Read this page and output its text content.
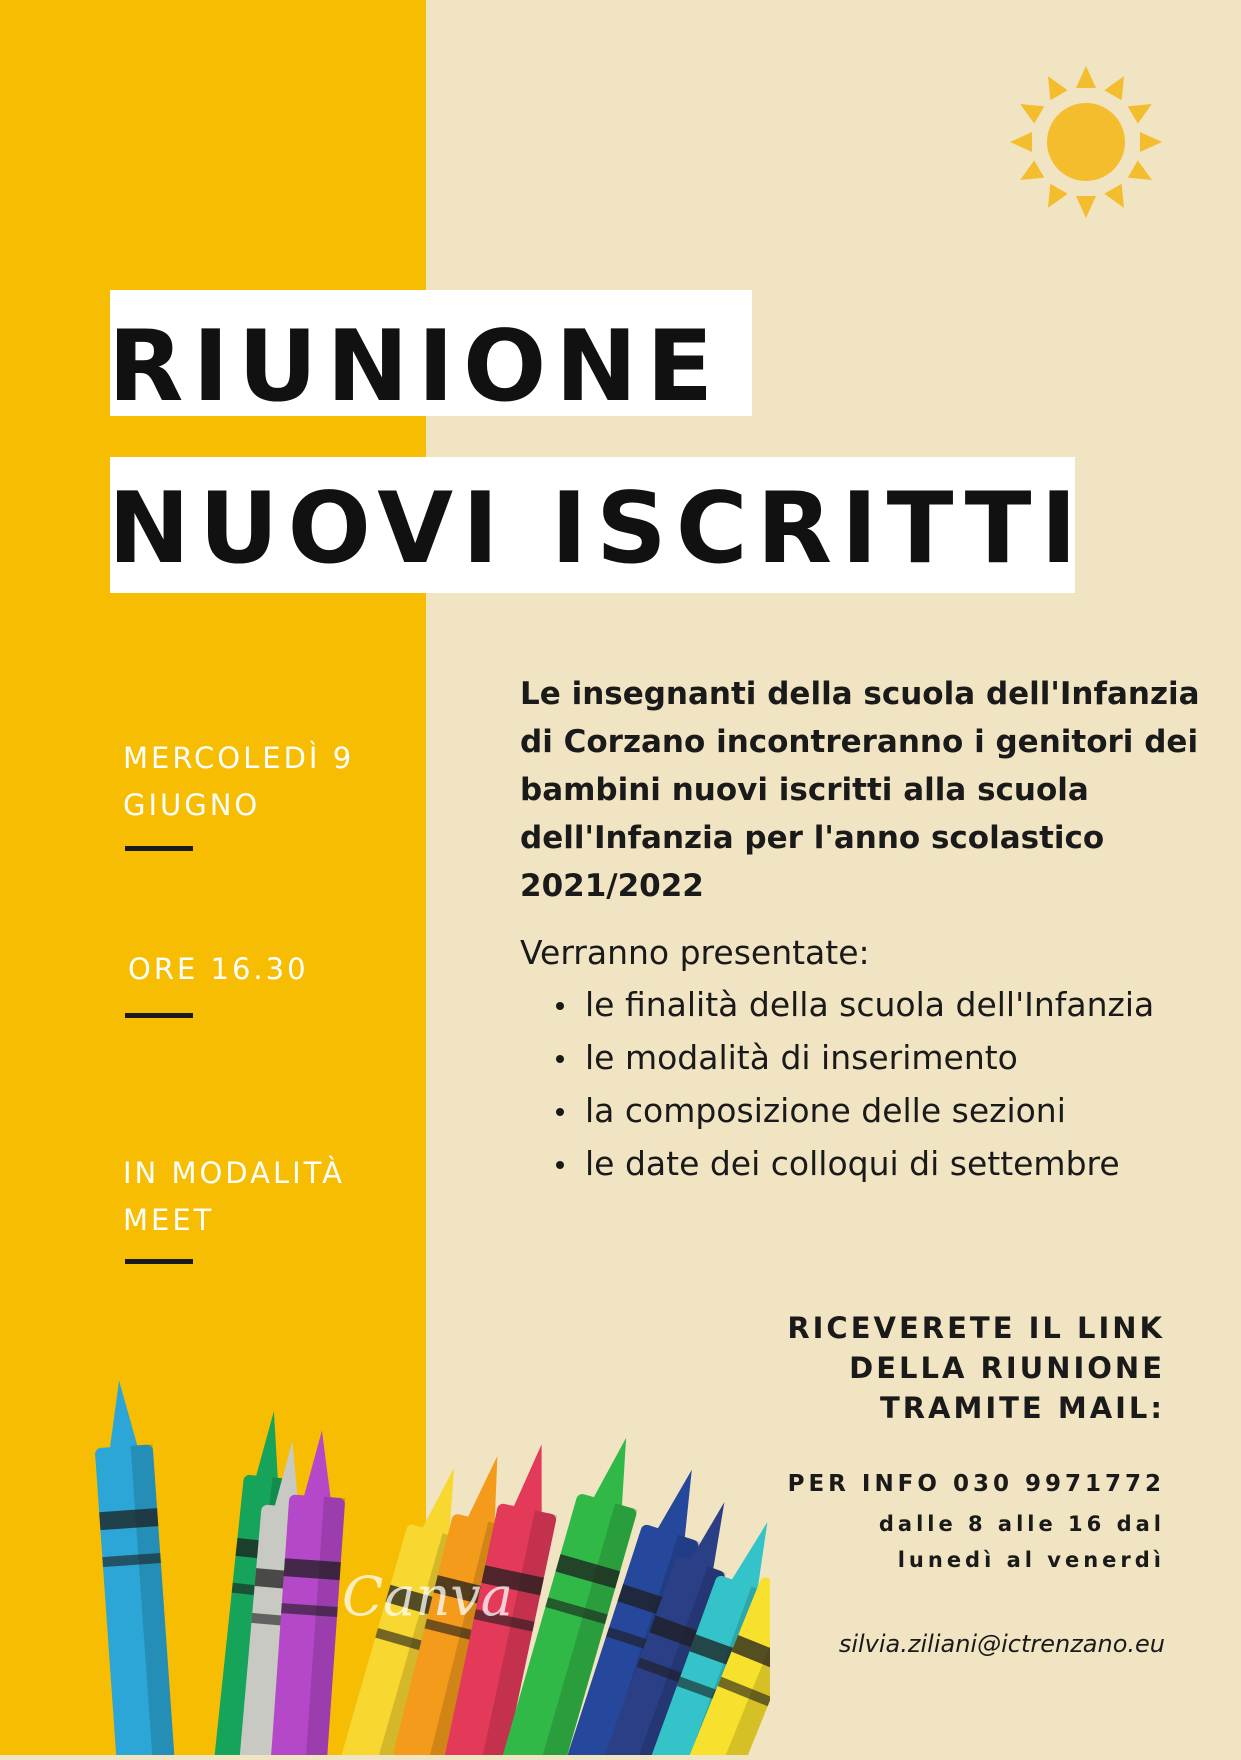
RIUNIONE
NUOVI ISCRITTI
MERCOLEDÌ 9
GIUGNO
ORE 16.30
IN MODALITÀ
MEET

Le insegnanti della scuola dell'Infanzia di Corzano incontreranno i genitori dei bambini nuovi iscritti alla scuola dell'Infanzia per l'anno scolastico 2021/2022

Verranno presentate:

le finalità della scuola dell'Infanzia
le modalità di inserimento
la composizione delle sezioni
le date dei colloqui di settembre
RICEVERETE IL LINK DELLA RIUNIONE TRAMITE MAIL:
PER INFO 030 9971772
dalle 8 alle 16 dal lunedì al venerdì
silvia.ziliani@ictrenzano.eu
Canva
